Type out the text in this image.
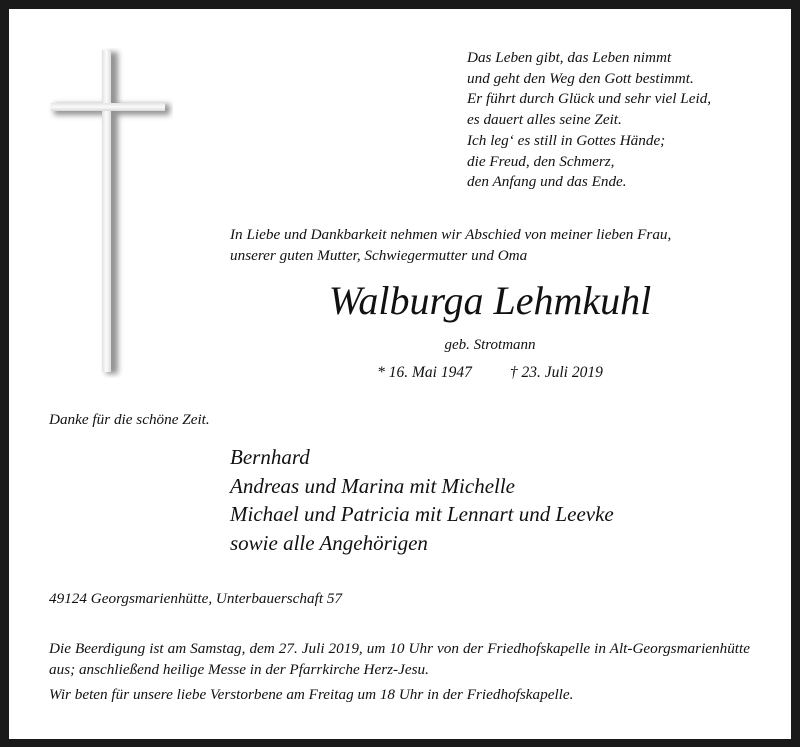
Das Leben gibt, das Leben nimmt
und geht den Weg den Gott bestimmt.
Er führt durch Glück und sehr viel Leid,
es dauert alles seine Zeit.
Ich leg‘ es still in Gottes Hände;
die Freud, den Schmerz,
den Anfang und das Ende.
In Liebe und Dankbarkeit nehmen wir Abschied von meiner lieben Frau,
unserer guten Mutter, Schwiegermutter und Oma
Walburga Lehmkuhl
geb. Strotmann
* 16. Mai 1947 † 23. Juli 2019
Danke für die schöne Zeit.
Bernhard
Andreas und Marina mit Michelle
Michael und Patricia mit Lennart und Leevke
sowie alle Angehörigen
49124 Georgsmarienhütte, Unterbauerschaft 57
Die Beerdigung ist am Samstag, dem 27. Juli 2019, um 10 Uhr von der Friedhofskapelle in Alt-Georgsmarienhütte aus; anschließend heilige Messe in der Pfarrkirche Herz-Jesu.
Wir beten für unsere liebe Verstorbene am Freitag um 18 Uhr in der Friedhofskapelle.
